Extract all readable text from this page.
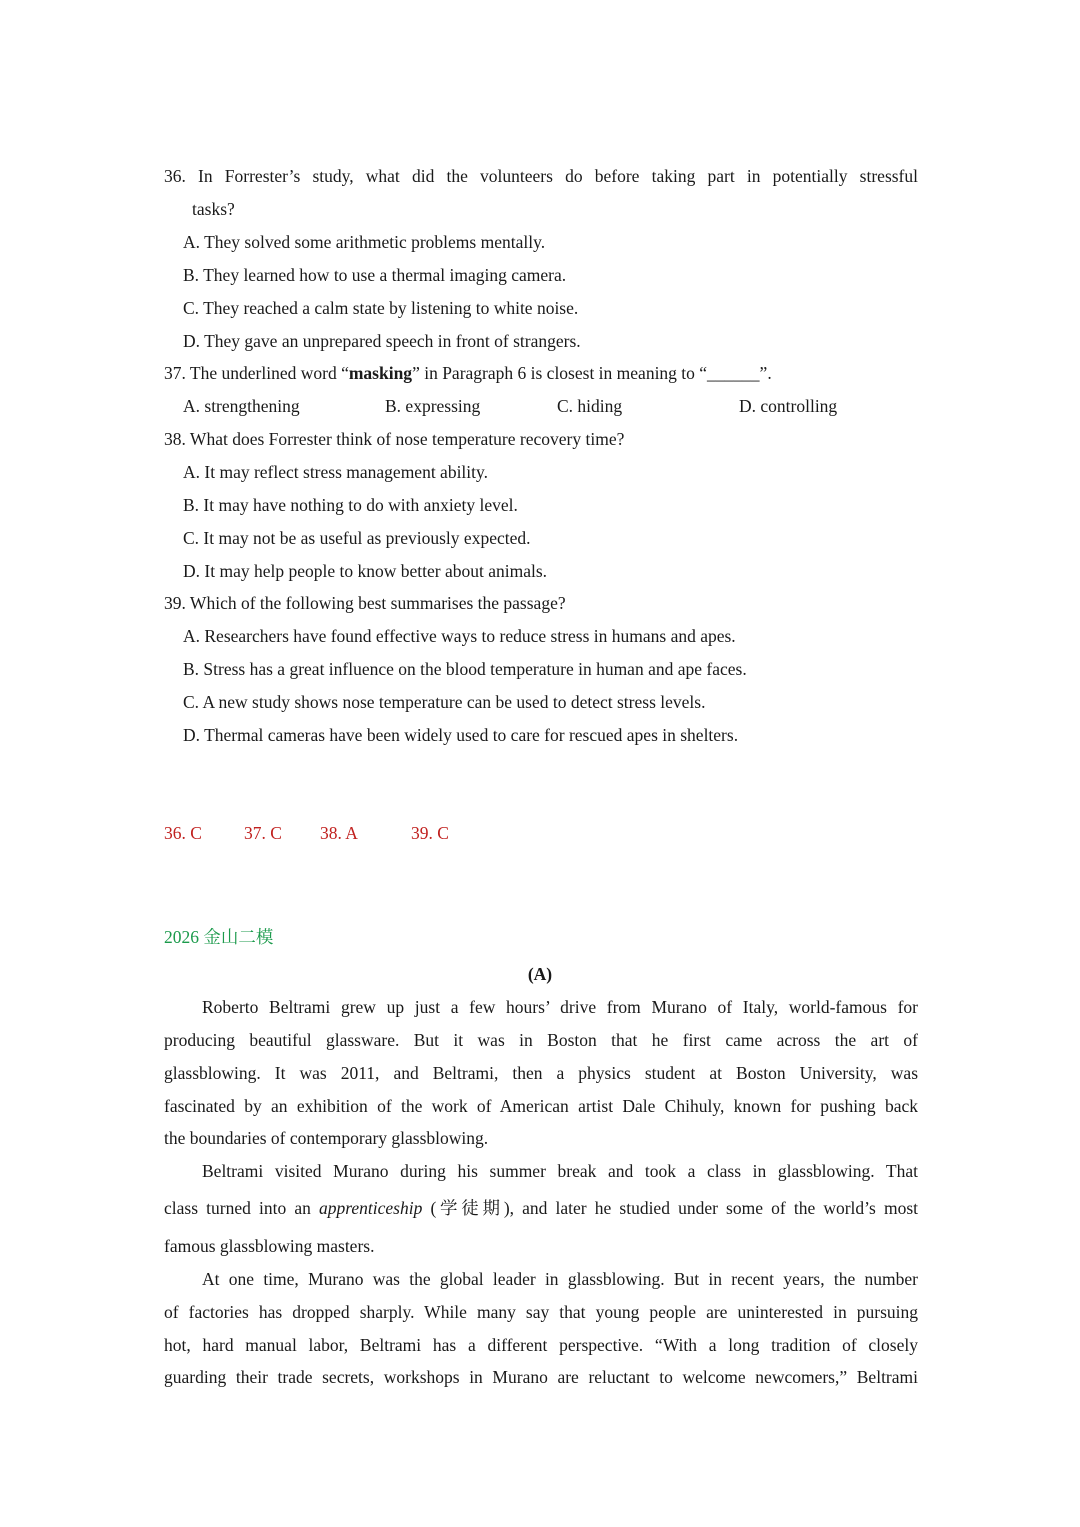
36. In Forrester’s study, what did the volunteers do before taking part in potentially stressful
tasks?
A. They solved some arithmetic problems mentally.
B. They learned how to use a thermal imaging camera.
C. They reached a calm state by listening to white noise.
D. They gave an unprepared speech in front of strangers.
37. The underlined word “masking” in Paragraph 6 is closest in meaning to “______”.
A. strengthening	B. expressing	C. hiding	D. controlling
38. What does Forrester think of nose temperature recovery time?
A. It may reflect stress management ability.
B. It may have nothing to do with anxiety level.
C. It may not be as useful as previously expected.
D. It may help people to know better about animals.
39. Which of the following best summarises the passage?
A. Researchers have found effective ways to reduce stress in humans and apes.
B. Stress has a great influence on the blood temperature in human and ape faces.
C. A new study shows nose temperature can be used to detect stress levels.
D. Thermal cameras have been widely used to care for rescued apes in shelters.
36. C 37. C 38. A	39. C
2026 金山二模
(A)
Roberto Beltrami grew up just a few hours’ drive from Murano of Italy, world-famous for
producing beautiful glassware. But it was in Boston that he first came across the art of
glassblowing. It was 2011, and Beltrami, then a physics student at Boston University, was
fascinated by an exhibition of the work of American artist Dale Chihuly, known for pushing back
the boundaries of contemporary glassblowing.
Beltrami visited Murano during his summer break and took a class in glassblowing. That
class turned into an apprenticeship (学徒期), and later he studied under some of the world’s most
famous glassblowing masters.
At one time, Murano was the global leader in glassblowing. But in recent years, the number
of factories has dropped sharply. While many say that young people are uninterested in pursuing
hot, hard manual labor, Beltrami has a different perspective. “With a long tradition of closely
guarding their trade secrets, workshops in Murano are reluctant to welcome newcomers,” Beltrami
